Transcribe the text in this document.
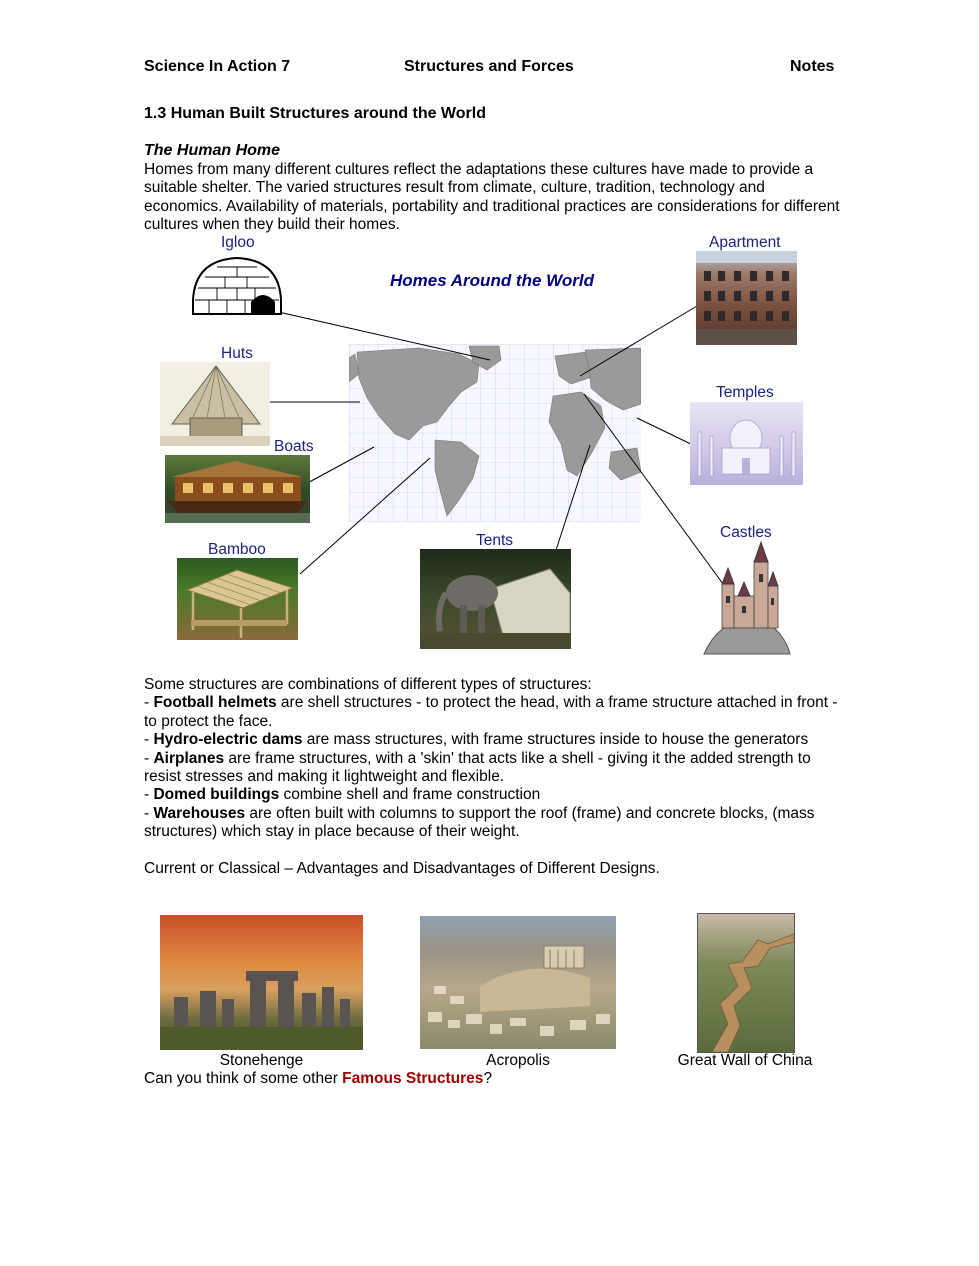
Science In Action 7	Structures and Forces	Notes
1.3 Human Built Structures around the World
The Human Home
Homes from many different cultures reflect the adaptations these cultures have made to provide a suitable shelter. The varied structures result from climate, culture, tradition, technology and economics. Availability of materials, portability and traditional practices are considerations for different cultures when they build their homes.
Homes Around the World
Igloo	Apartment
Huts
Temples
Boats
Castles
Tents
Bamboo
Some structures are combinations of different types of structures:
- Football helmets are shell structures - to protect the head, with a frame structure attached in front - to protect the face.
- Hydro-electric dams are mass structures, with frame structures inside to house the generators
- Airplanes are frame structures, with a 'skin' that acts like a shell - giving it the added strength to resist stresses and making it lightweight and flexible.
- Domed buildings combine shell and frame construction
- Warehouses are often built with columns to support the roof (frame) and concrete blocks, (mass structures) which stay in place because of their weight.
Current or Classical – Advantages and Disadvantages of Different Designs.
Stonehenge	Acropolis	Great Wall of China
Can you think of some other Famous Structures?
